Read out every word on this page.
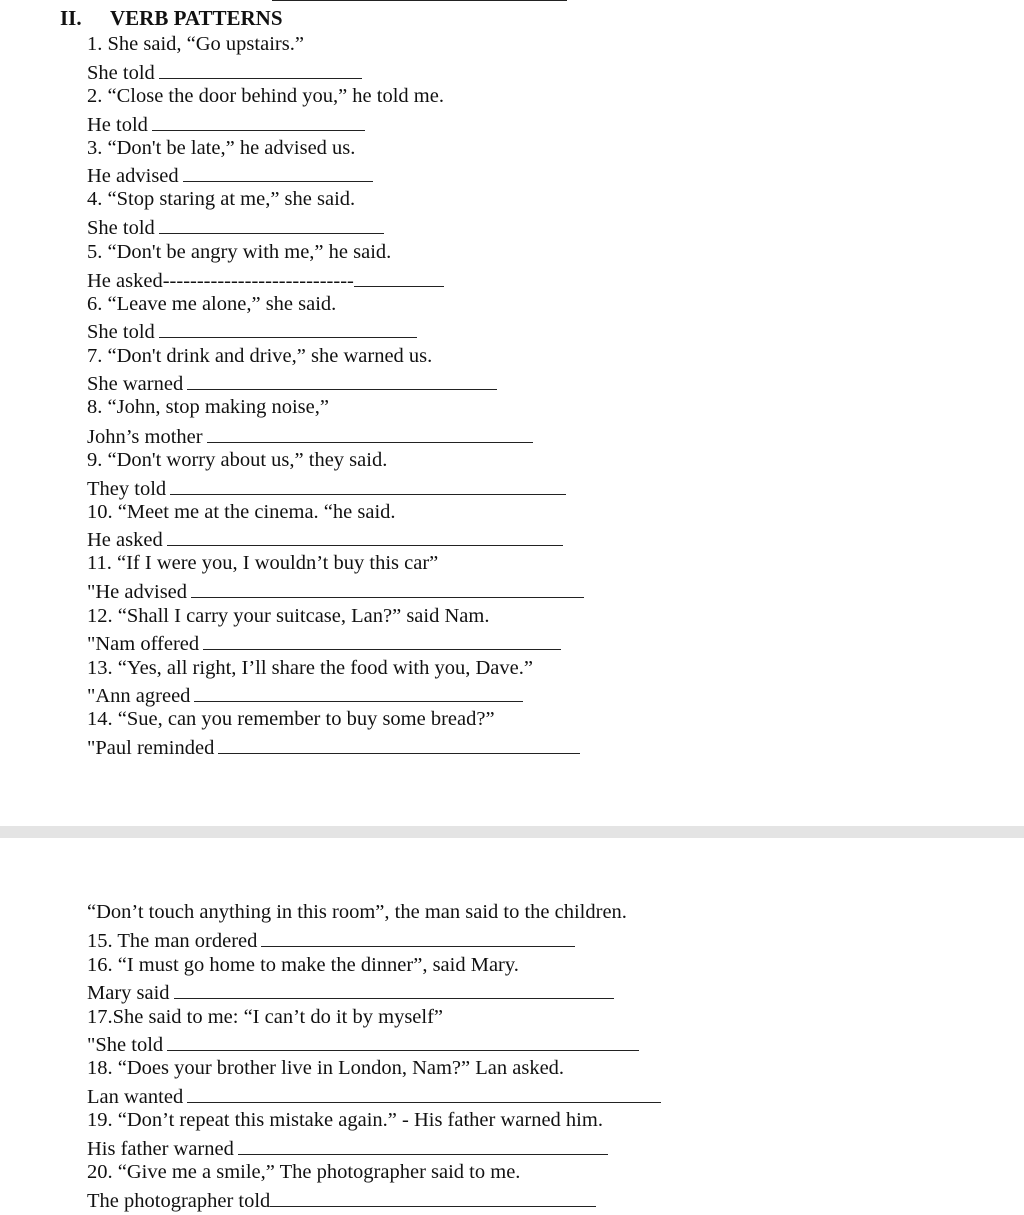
II. VERB PATTERNS
1. She said, “Go upstairs.”
She told
2. “Close the door behind you,” he told me.
He told
3. “Don't be late,” he advised us.
He advised
4. “Stop staring at me,” she said.
She told
5. “Don't be angry with me,” he said.
He asked----------------------------
6. “Leave me alone,” she said.
She told
7. “Don't drink and drive,” she warned us.
She warned
8. “John, stop making noise,”
John’s mother
9. “Don't worry about us,” they said.
They told
10. “Meet me at the cinema. “he said.
He asked
11. “If I were you, I wouldn’t buy this car”
"He advised
12. “Shall I carry your suitcase, Lan?” said Nam.
"Nam offered
13. “Yes, all right, I’ll share the food with you, Dave.”
"Ann agreed
14. “Sue, can you remember to buy some bread?”
"Paul reminded
“Don’t touch anything in this room”, the man said to the children.
15. The man ordered
16. “I must go home to make the dinner”, said Mary.
Mary said
17.She said to me: “I can’t do it by myself”
"She told
18. “Does your brother live in London, Nam?” Lan asked.
Lan wanted
19. “Don’t repeat this mistake again.” - His father warned him.
His father warned
20. “Give me a smile,” The photographer said to me.
The photographer told
